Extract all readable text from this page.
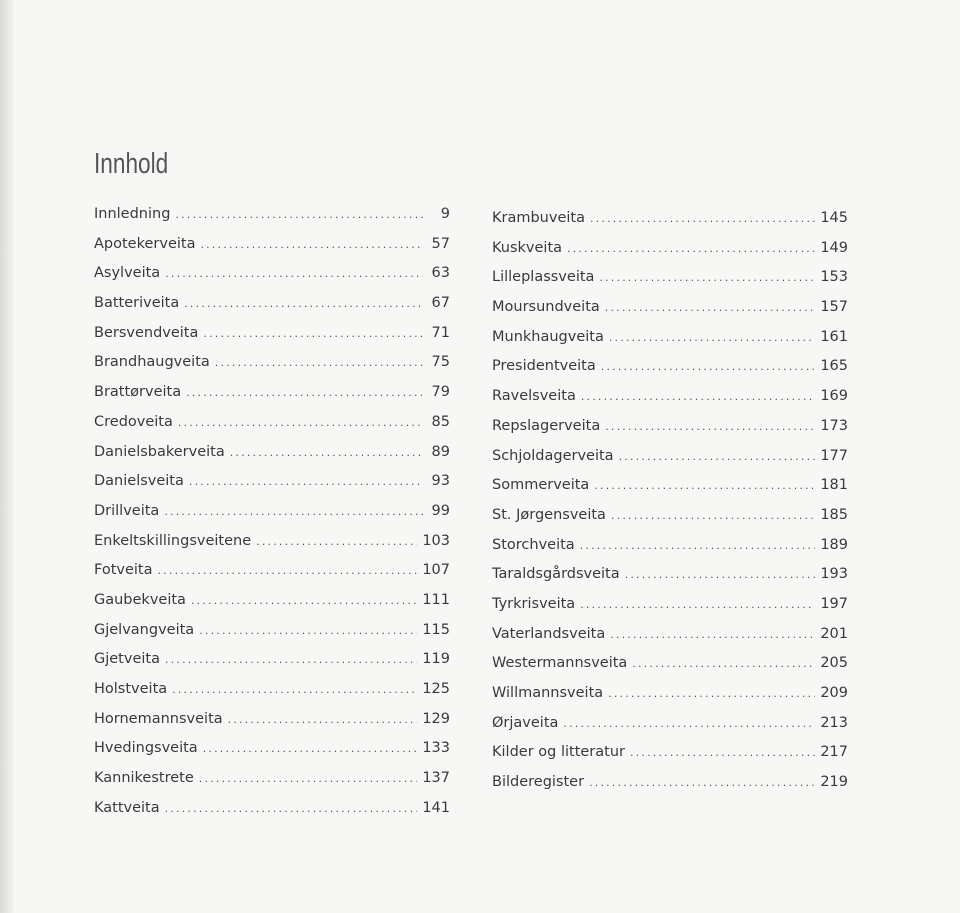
Innhold
Innledning .....	9
Apotekerveita .....	57
Asylveita .....	63
Batteriveita .....	67
Bersvendveita .....	71
Brandhaugveita .....	75
Brattørveita .....	79
Credoveita .....	85
Danielsbakerveita .....	89
Danielsveita .....	93
Drillveita .....	99
Enkeltskillingsveitene .....	103
Fotveita .....	107
Gaubekveita .....	111
Gjelvangveita .....	115
Gjetveita .....	119
Holstveita .....	125
Hornemannsveita .....	129
Hvedingsveita .....	133
Kannikestrete .....	137
Kattveita .....	141
Krambuveita .....	145
Kuskveita .....	149
Lilleplassveita .....	153
Moursundveita .....	157
Munkhaugveita .....	161
Presidentveita .....	165
Ravelsveita .....	169
Repslagerveita .....	173
Schjoldagerveita .....	177
Sommerveita .....	181
St. Jørgensveita .....	185
Storchveita .....	189
Taraldsgårdsveita .....	193
Tyrkrisveita .....	197
Vaterlandsveita .....	201
Westermannsveita .....	205
Willmannsveita .....	209
Ørjaveita .....	213
Kilder og litteratur .....	217
Bilderegister .....	219
